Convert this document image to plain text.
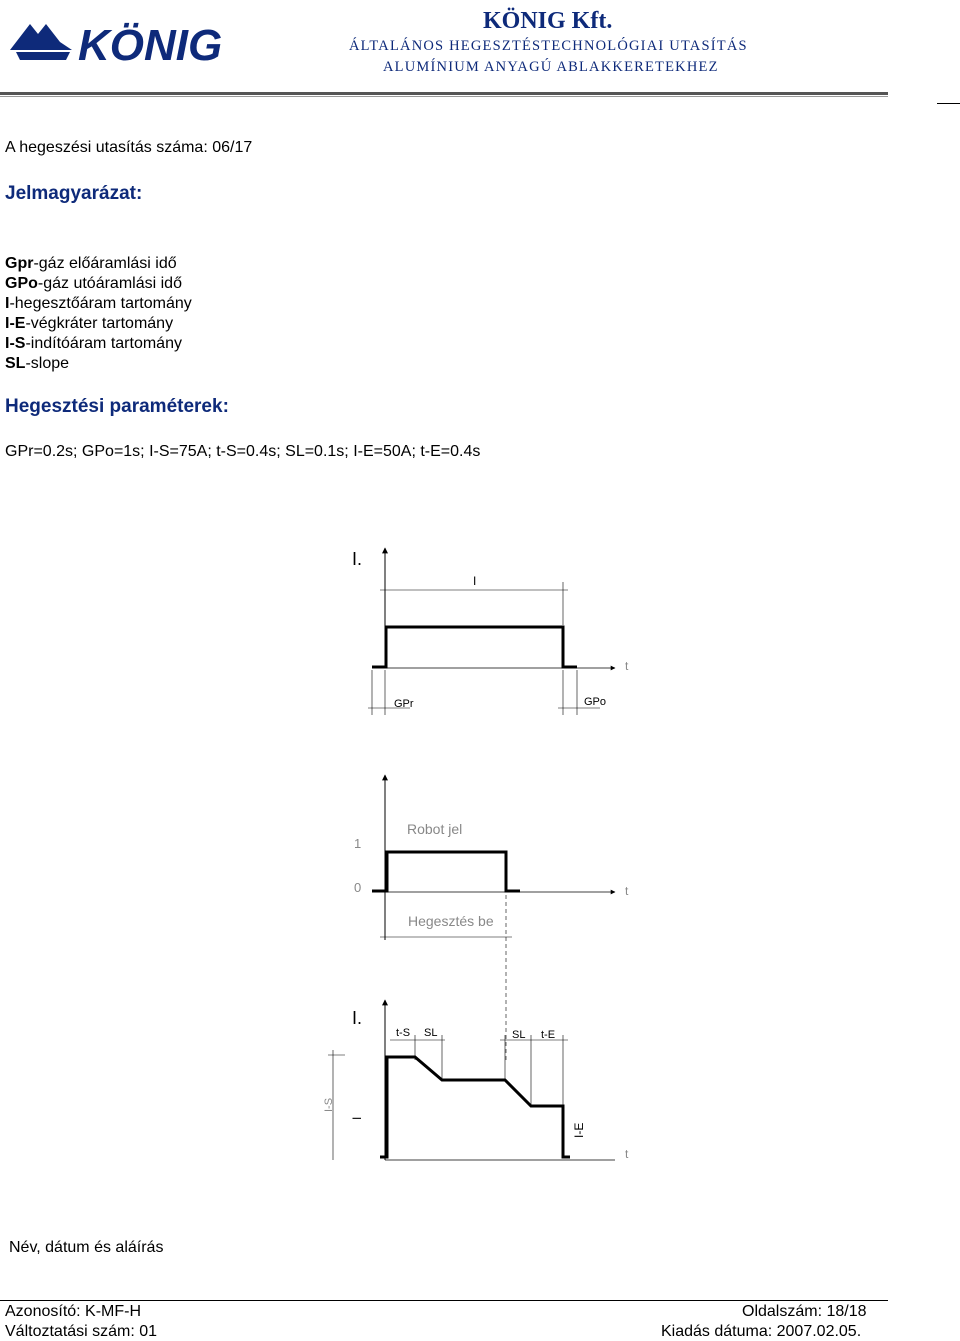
KÖNIG	KÖNIG Kft.
ÁLTALÁNOS HEGESZTÉSTECHNOLÓGIAI UTASÍTÁS
ALUMÍNIUM ANYAGÚ ABLAKKERETEKHEZ
A hegeszési utasítás száma: 06/17
Jelmagyarázat:
Gpr-gáz előáramlási idő
GPo-gáz utóáramlási idő
I-hegesztőáram tartomány
I-E-végkráter tartomány
I-S-indítóáram tartomány
SL-slope
Hegesztési paraméterek:
GPr=0.2s; GPo=1s; I-S=75A; t-S=0.4s; SL=0.1s; I-E=50A; t-E=0.4s
I.
I
t
GPr	GPo
1
0
Robot jel
t
Hegesztés be
I.
t-S SL	SL t-E
t
I-S
I
I-E
Név, dátum és aláírás
Azonosító: K-MF-H	Oldalszám: 18/18
Változtatási szám: 01	Kiadás dátuma: 2007.02.05.
